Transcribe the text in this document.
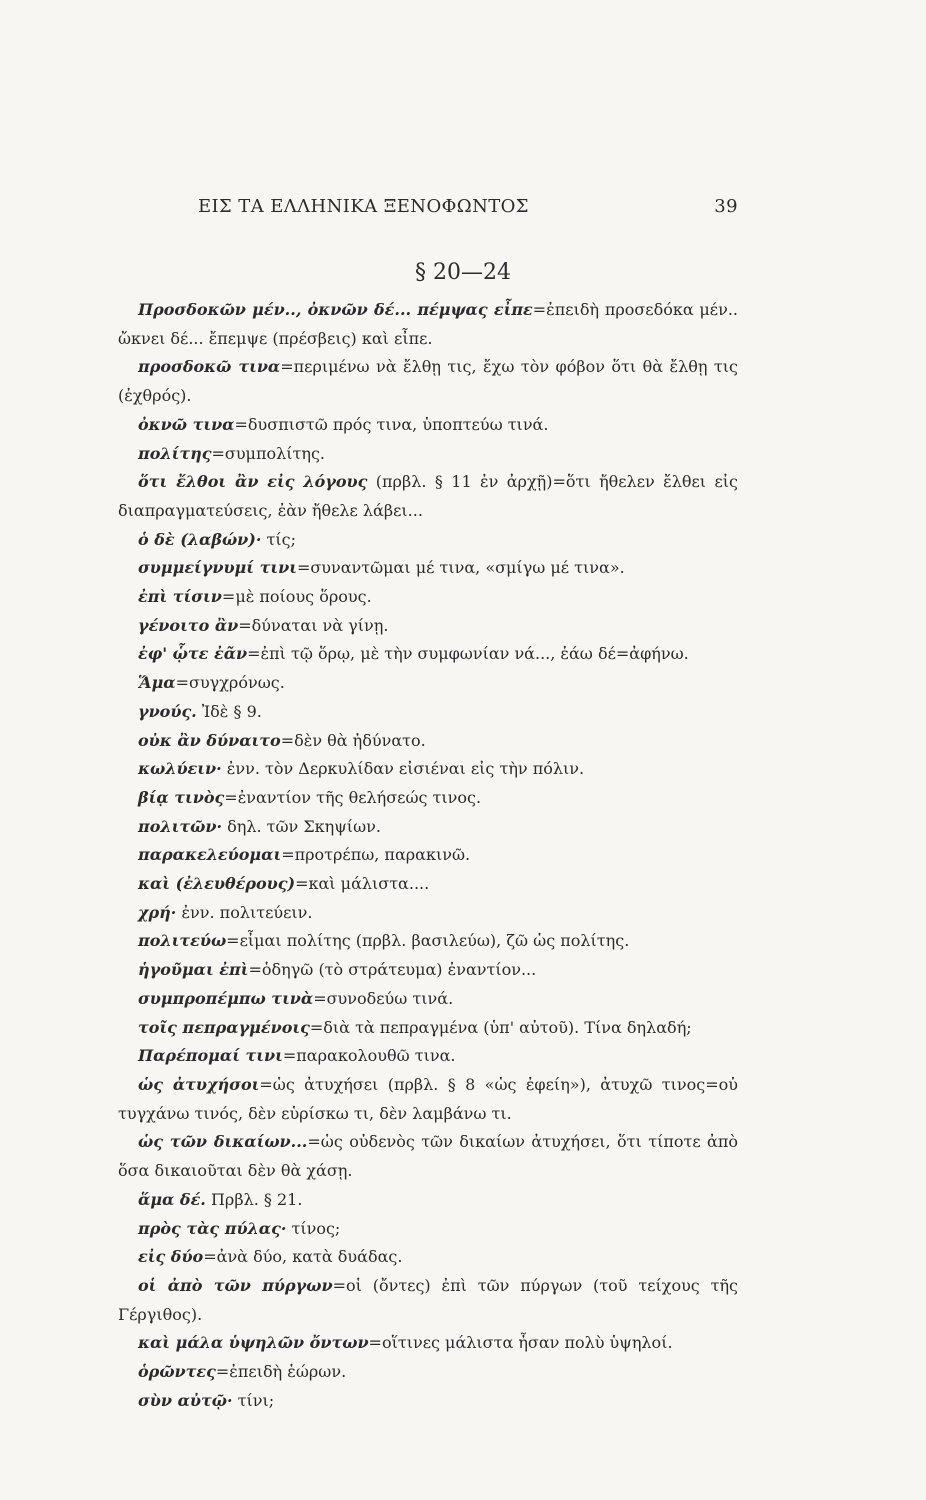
ΕΙΣ ΤΑ ΕΛΛΗΝΙΚΑ ΞΕΝΟΦΩΝΤΟΣ	39
§ 20—24

Προσδοκῶν μέν.., ὀκνῶν δέ... πέμψας εἶπε=ἐπειδὴ προσεδόκα μέν.. ὤκνει δέ... ἔπεμψε (πρέσβεις) καὶ εἶπε.

προσδοκῶ τινα=περιμένω νὰ ἔλθῃ τις, ἔχω τὸν φόβον ὅτι θὰ ἔλθῃ τις (ἐχθρός).

ὀκνῶ τινα=δυσπιστῶ πρός τινα, ὑποπτεύω τινά.

πολίτης=συμπολίτης.

ὅτι ἔλθοι ἂν εἰς λόγους (πρβλ. § 11 ἐν ἀρχῇ)=ὅτι ἤθελεν ἔλθει εἰς διαπραγματεύσεις, ἐὰν ἤθελε λάβει...

ὁ δὲ (λαβών)· τίς;

συμμείγνυμί τινι=συναντῶμαι μέ τινα, «σμίγω μέ τινα».

ἐπὶ τίσιν=μὲ ποίους ὅρους.

γένοιτο ἂν=δύναται νὰ γίνῃ.

ἐφ' ᾧτε ἐᾶν=ἐπὶ τῷ ὅρῳ, μὲ τὴν συμφωνίαν νά..., ἐάω δέ=ἀφήνω.

Ἅμα=συγχρόνως.

γνούς. Ἰδὲ § 9.

οὐκ ἂν δύναιτο=δὲν θὰ ἠδύνατο.

κωλύειν· ἐνν. τὸν Δερκυλίδαν εἰσιέναι εἰς τὴν πόλιν.

βίᾳ τινὸς=ἐναντίον τῆς θελήσεώς τινος.

πολιτῶν· δηλ. τῶν Σκηψίων.

παρακελεύομαι=προτρέπω, παρακινῶ.

καὶ (ἐλευθέρους)=καὶ μάλιστα....

χρή· ἐνν. πολιτεύειν.

πολιτεύω=εἶμαι πολίτης (πρβλ. βασιλεύω), ζῶ ὡς πολίτης.

ἡγοῦμαι ἐπὶ=ὁδηγῶ (τὸ στράτευμα) ἐναντίον...

συμπροπέμπω τινὰ=συνοδεύω τινά.

τοῖς πεπραγμένοις=διὰ τὰ πεπραγμένα (ὑπ' αὐτοῦ). Τίνα δηλαδή;

Παρέπομαί τινι=παρακολουθῶ τινα.

ὡς ἀτυχήσοι=ὡς ἀτυχήσει (πρβλ. § 8 «ὡς ἐφείη»), ἀτυχῶ τινος=οὐ τυγχάνω τινός, δὲν εὑρίσκω τι, δὲν λαμβάνω τι.

ὡς τῶν δικαίων...=ὡς οὐδενὸς τῶν δικαίων ἀτυχήσει, ὅτι τίποτε ἀπὸ ὅσα δικαιοῦται δὲν θὰ χάσῃ.

ἅμα δέ. Πρβλ. § 21.

πρὸς τὰς πύλας· τίνος;

εἰς δύο=ἀνὰ δύο, κατὰ δυάδας.

οἱ ἀπὸ τῶν πύργων=οἱ (ὄντες) ἐπὶ τῶν πύργων (τοῦ τείχους τῆς Γέργιθος).

καὶ μάλα ὑψηλῶν ὄντων=οἵτινες μάλιστα ἦσαν πολὺ ὑψηλοί.

ὁρῶντες=ἐπειδὴ ἑώρων.

σὺν αὐτῷ· τίνι;
